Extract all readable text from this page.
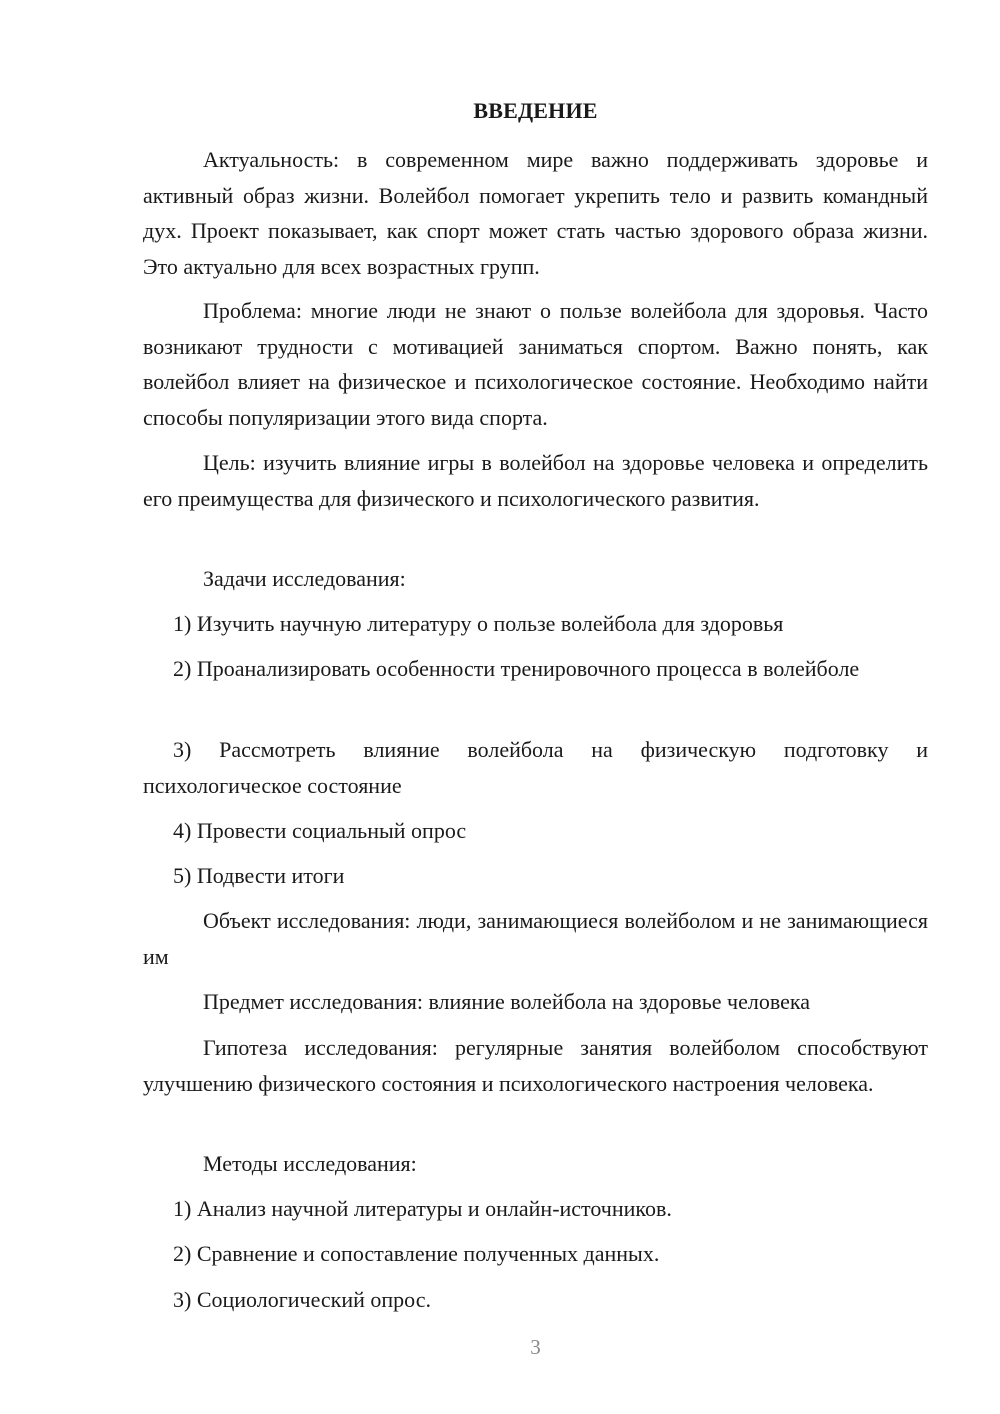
ВВЕДЕНИЕ

Актуальность: в современном мире важно поддерживать здоровье и активный образ жизни. Волейбол помогает укрепить тело и развить командный дух. Проект показывает, как спорт может стать частью здорового образа жизни. Это актуально для всех возрастных групп.

Проблема: многие люди не знают о пользе волейбола для здоровья. Часто возникают трудности с мотивацией заниматься спортом. Важно понять, как волейбол влияет на физическое и психологическое состояние. Необходимо найти способы популяризации этого вида спорта.

Цель: изучить влияние игры в волейбол на здоровье человека и определить его преимущества для физического и психологического развития.

Задачи исследования:

1) Изучить научную литературу о пользе волейбола для здоровья

2) Проанализировать особенности тренировочного процесса в волейболе

3) Рассмотреть влияние волейбола на физическую подготовку и психологическое состояние

4) Провести социальный опрос

5) Подвести итоги

Объект исследования: люди, занимающиеся волейболом и не занимающиеся им

Предмет исследования: влияние волейбола на здоровье человека

Гипотеза исследования: регулярные занятия волейболом способствуют улучшению физического состояния и психологического настроения человека.

Методы исследования:

1) Анализ научной литературы и онлайн-источников.

2) Сравнение и сопоставление полученных данных.

3) Социологический опрос.

3
